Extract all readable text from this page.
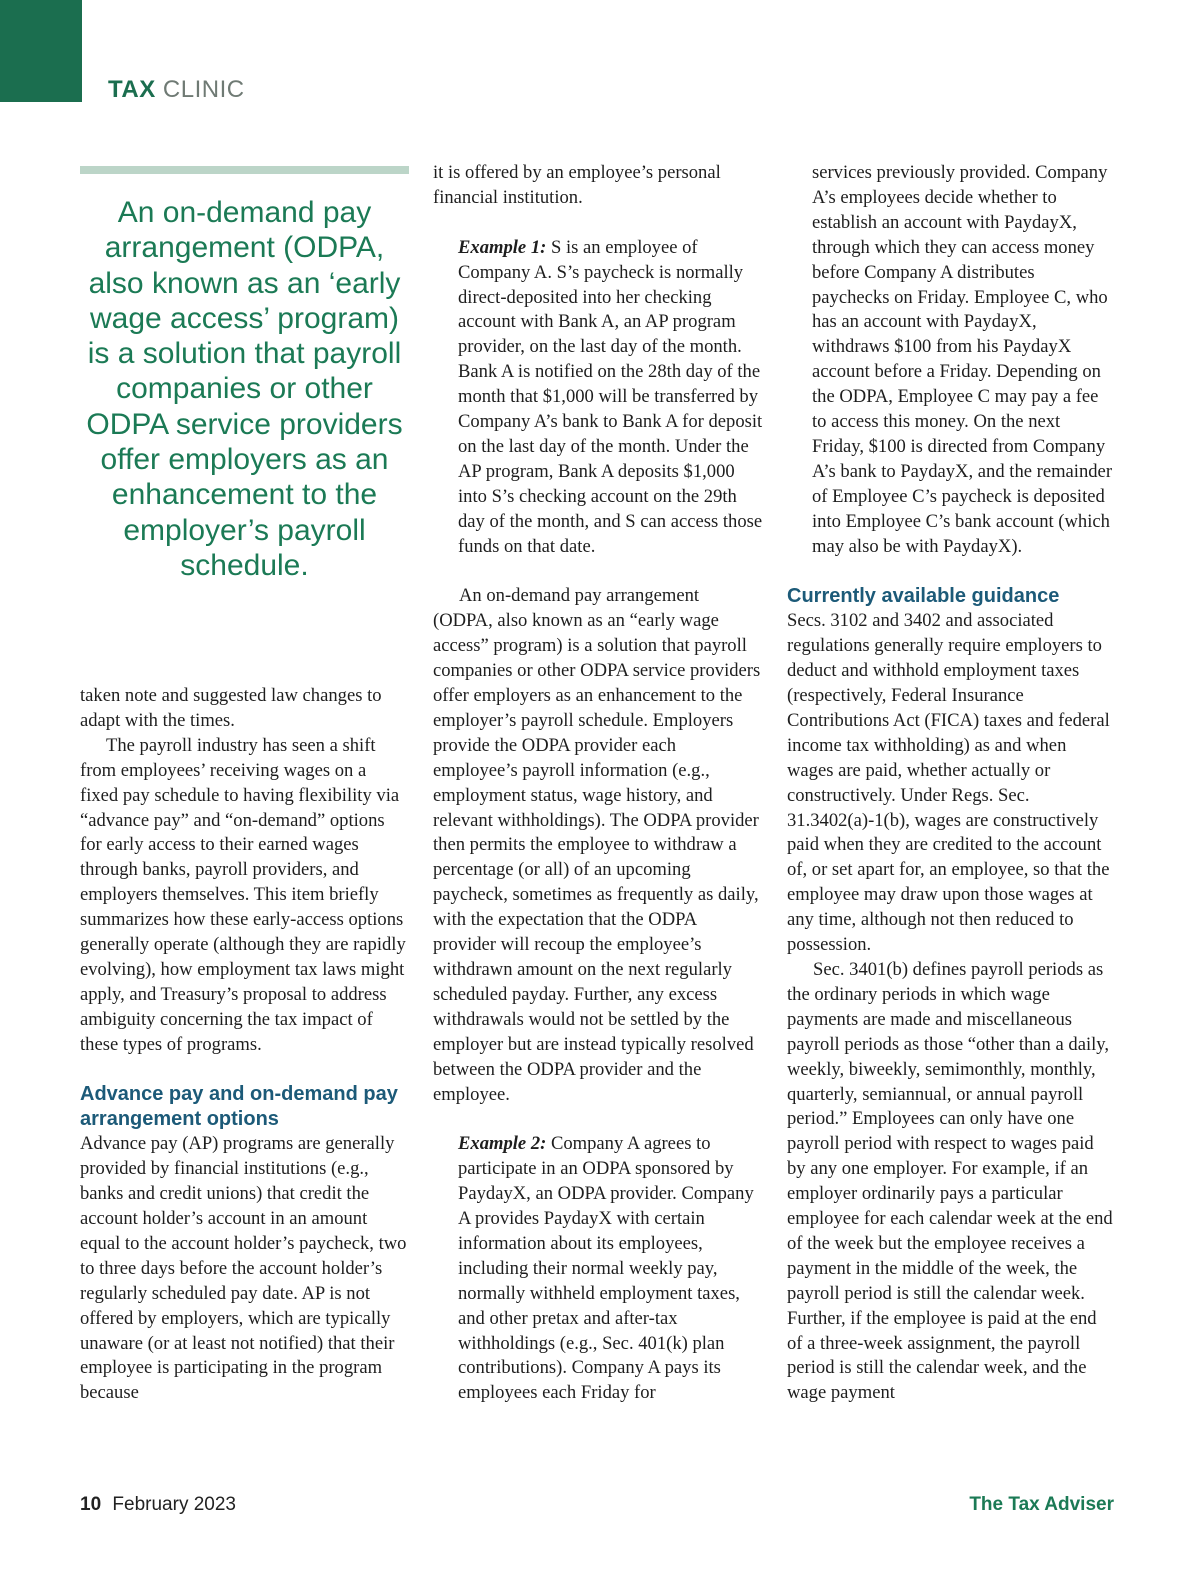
TAX CLINIC
An on-demand pay arrangement (ODPA, also known as an ‘early wage access’ program) is a solution that payroll companies or other ODPA service providers offer employers as an enhancement to the employer’s payroll schedule.

taken note and suggested law changes to adapt with the times.

The payroll industry has seen a shift from employees’ receiving wages on a fixed pay schedule to having flexibility via “advance pay” and “on-demand” options for early access to their earned wages through banks, payroll providers, and employers themselves. This item briefly summarizes how these early-access options generally operate (although they are rapidly evolving), how employment tax laws might apply, and Treasury’s proposal to address ambiguity concerning the tax impact of these types of programs.

Advance pay and on-demand pay arrangement options

Advance pay (AP) programs are generally provided by financial institutions (e.g., banks and credit unions) that credit the account holder’s account in an amount equal to the account holder’s paycheck, two to three days before the account holder’s regularly scheduled pay date. AP is not offered by employers, which are typically unaware (or at least not notified) that their employee is participating in the program because

it is offered by an employee’s personal financial institution.

Example 1: S is an employee of Company A. S’s paycheck is normally direct-deposited into her checking account with Bank A, an AP program provider, on the last day of the month. Bank A is notified on the 28th day of the month that $1,000 will be transferred by Company A’s bank to Bank A for deposit on the last day of the month. Under the AP program, Bank A deposits $1,000 into S’s checking account on the 29th day of the month, and S can access those funds on that date.

An on-demand pay arrangement (ODPA, also known as an “early wage access” program) is a solution that payroll companies or other ODPA service providers offer employers as an enhancement to the employer’s payroll schedule. Employers provide the ODPA provider each employee’s payroll information (e.g., employment status, wage history, and relevant withholdings). The ODPA provider then permits the employee to withdraw a percentage (or all) of an upcoming paycheck, sometimes as frequently as daily, with the expectation that the ODPA provider will recoup the employee’s withdrawn amount on the next regularly scheduled payday. Further, any excess withdrawals would not be settled by the employer but are instead typically resolved between the ODPA provider and the employee.

Example 2: Company A agrees to participate in an ODPA sponsored by PaydayX, an ODPA provider. Company A provides PaydayX with certain information about its employees, including their normal weekly pay, normally withheld employment taxes, and other pretax and after-tax withholdings (e.g., Sec. 401(k) plan contributions). Company A pays its employees each Friday for

services previously provided. Company A’s employees decide whether to establish an account with PaydayX, through which they can access money before Company A distributes paychecks on Friday. Employee C, who has an account with PaydayX, withdraws $100 from his PaydayX account before a Friday. Depending on the ODPA, Employee C may pay a fee to access this money. On the next Friday, $100 is directed from Company A’s bank to PaydayX, and the remainder of Employee C’s paycheck is deposited into Employee C’s bank account (which may also be with PaydayX).

Currently available guidance

Secs. 3102 and 3402 and associated regulations generally require employers to deduct and withhold employment taxes (respectively, Federal Insurance Contributions Act (FICA) taxes and federal income tax withholding) as and when wages are paid, whether actually or constructively. Under Regs. Sec. 31.3402(a)-1(b), wages are constructively paid when they are credited to the account of, or set apart for, an employee, so that the employee may draw upon those wages at any time, although not then reduced to possession.

Sec. 3401(b) defines payroll periods as the ordinary periods in which wage payments are made and miscellaneous payroll periods as those “other than a daily, weekly, biweekly, semimonthly, monthly, quarterly, semiannual, or annual payroll period.” Employees can only have one payroll period with respect to wages paid by any one employer. For example, if an employer ordinarily pays a particular employee for each calendar week at the end of the week but the employee receives a payment in the middle of the week, the payroll period is still the calendar week. Further, if the employee is paid at the end of a three-week assignment, the payroll period is still the calendar week, and the wage payment

10 February 2023	The Tax Adviser
